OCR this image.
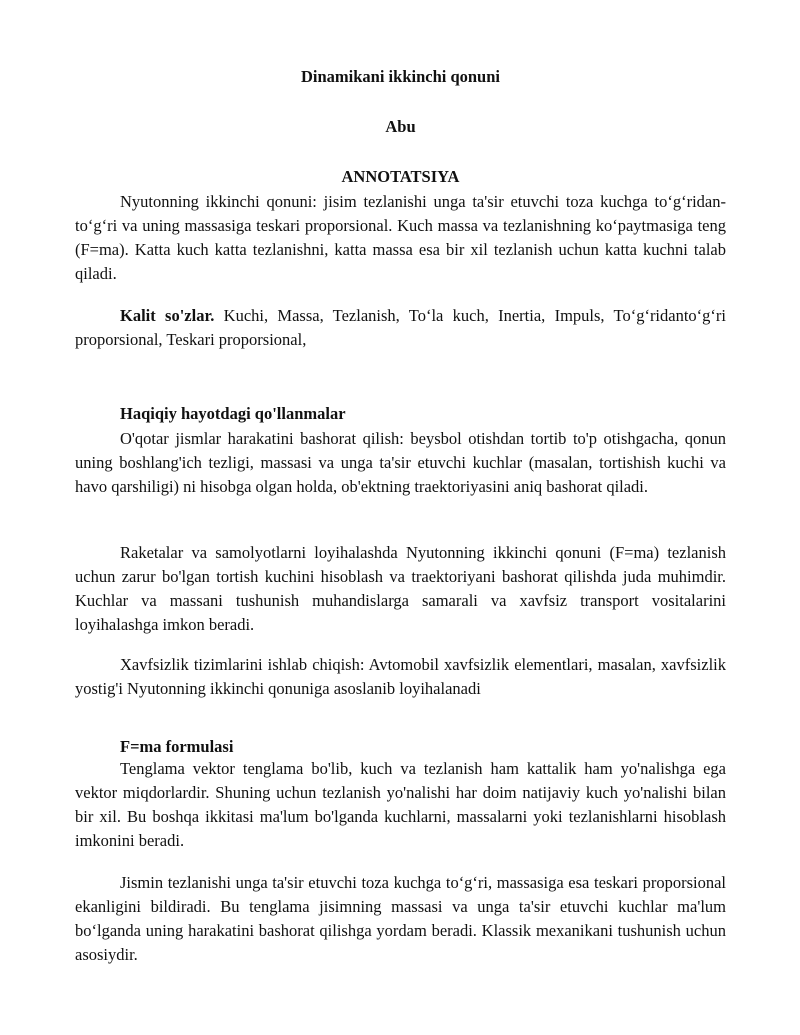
Dinamikani ikkinchi qonuni
Abu
ANNOTATSIYA

Nyutonning ikkinchi qonuni: jisim tezlanishi unga ta'sir etuvchi toza kuchga to‘g‘ridan-to‘g‘ri va uning massasiga teskari proporsional. Kuch massa va tezlanishning ko‘paytmasiga teng (F=ma). Katta kuch katta tezlanishni, katta massa esa bir xil tezlanish uchun katta kuchni talab qiladi.

Kalit so'zlar. Kuchi, Massa, Tezlanish, To‘la kuch, Inertia, Impuls, To‘g‘ridanto‘g‘ri proporsional, Teskari proporsional,

Haqiqiy hayotdagi qo'llanmalar

O'qotar jismlar harakatini bashorat qilish: beysbol otishdan tortib to'p otishgacha, qonun uning boshlang'ich tezligi, massasi va unga ta'sir etuvchi kuchlar (masalan, tortishish kuchi va havo qarshiligi) ni hisobga olgan holda, ob'ektning traektoriyasini aniq bashorat qiladi.

Raketalar va samolyotlarni loyihalashda Nyutonning ikkinchi qonuni (F=ma) tezlanish uchun zarur bo'lgan tortish kuchini hisoblash va traektoriyani bashorat qilishda juda muhimdir. Kuchlar va massani tushunish muhandislarga samarali va xavfsiz transport vositalarini loyihalashga imkon beradi.

Xavfsizlik tizimlarini ishlab chiqish: Avtomobil xavfsizlik elementlari, masalan, xavfsizlik yostig'i Nyutonning ikkinchi qonuniga asoslanib loyihalanadi

F=ma formulasi

Tenglama vektor tenglama bo'lib, kuch va tezlanish ham kattalik ham yo'nalishga ega vektor miqdorlardir. Shuning uchun tezlanish yo'nalishi har doim natijaviy kuch yo'nalishi bilan bir xil. Bu boshqa ikkitasi ma'lum bo'lganda kuchlarni, massalarni yoki tezlanishlarni hisoblash imkonini beradi.

Jismin tezlanishi unga ta'sir etuvchi toza kuchga to‘g‘ri, massasiga esa teskari proporsional ekanligini bildiradi. Bu tenglama jisimning massasi va unga ta'sir etuvchi kuchlar ma'lum bo‘lganda uning harakatini bashorat qilishga yordam beradi. Klassik mexanikani tushunish uchun asosiydir.
